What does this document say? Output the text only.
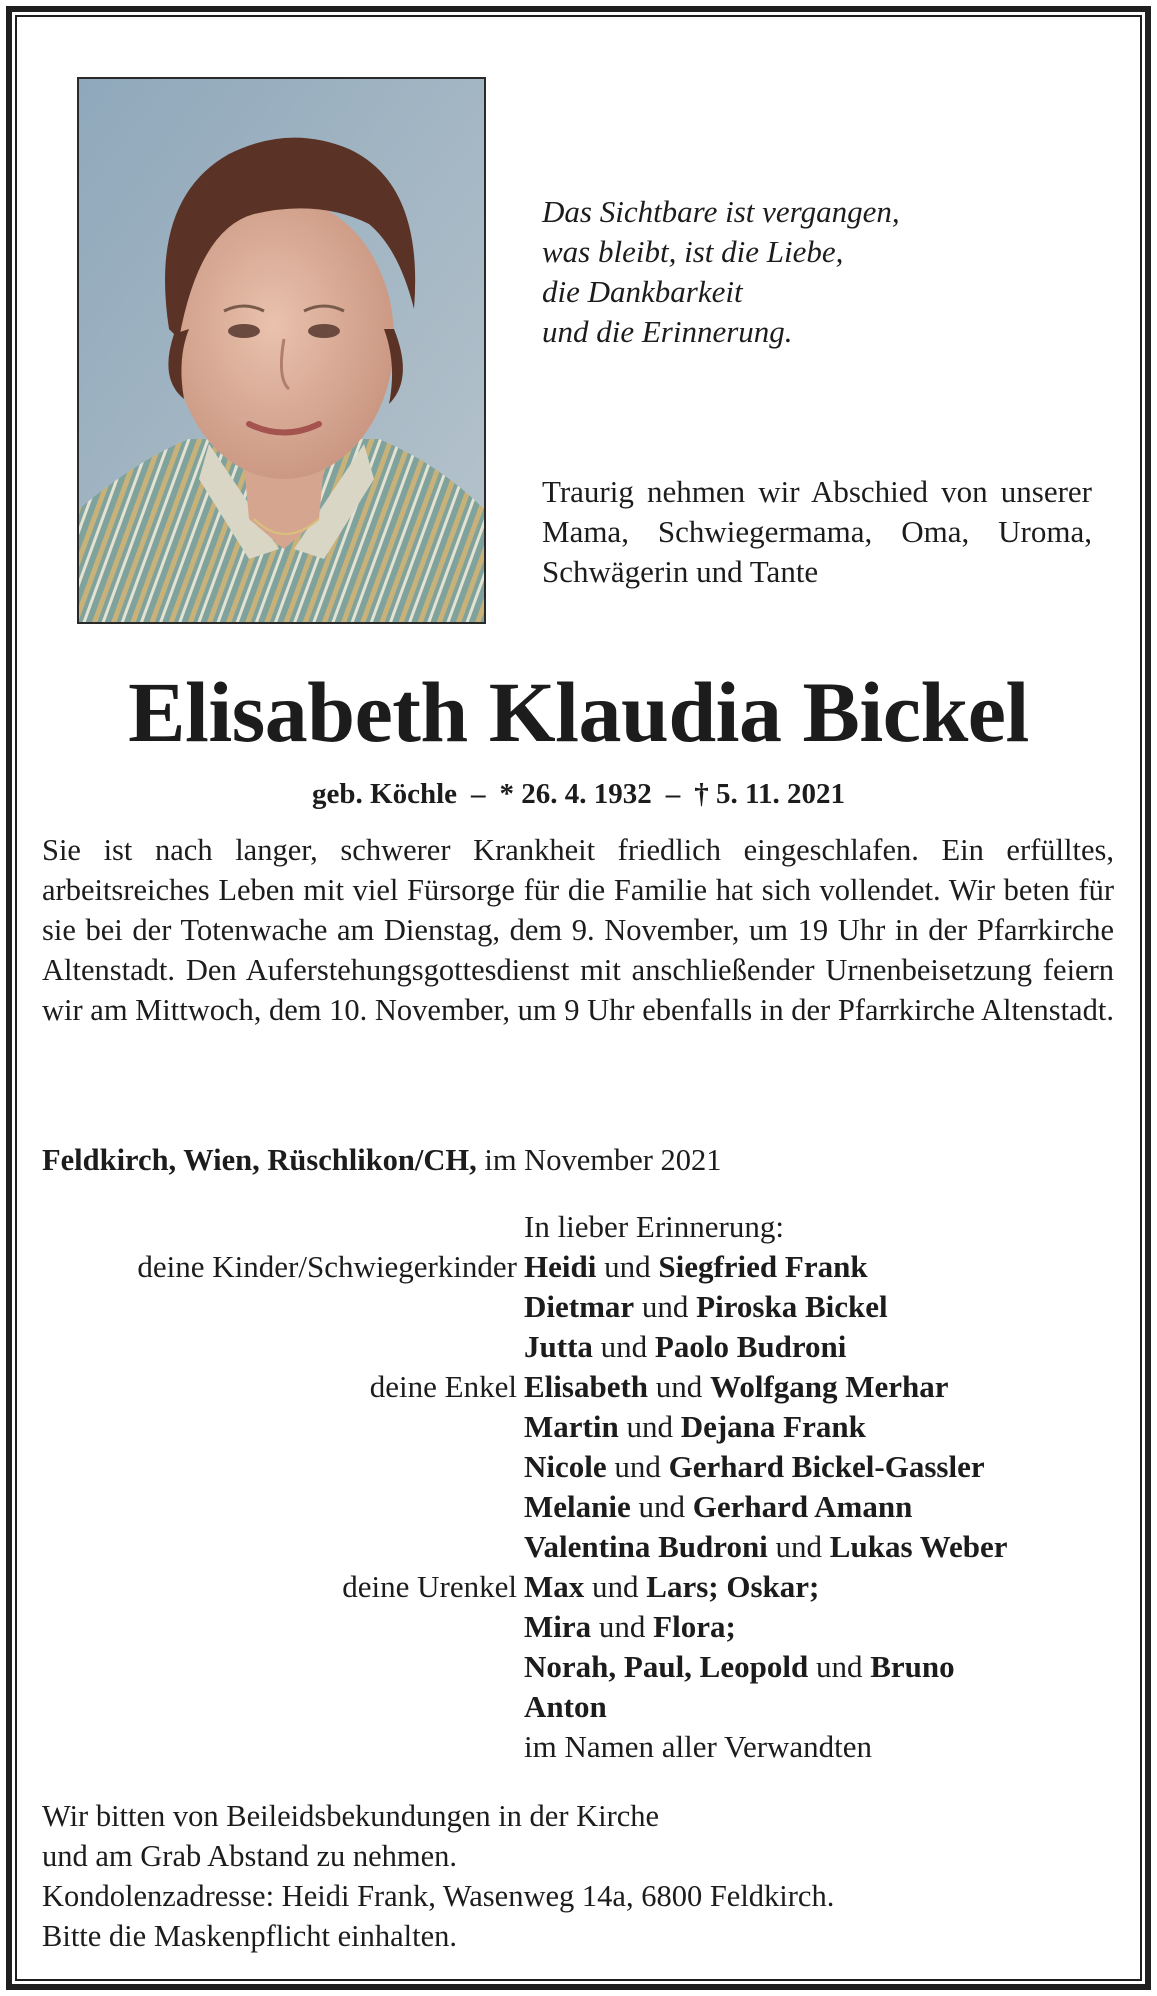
Das Sichtbare ist vergangen,
was bleibt, ist die Liebe,
die Dankbarkeit
und die Erinnerung.
Traurig nehmen wir Abschied von unserer Mama, Schwiegermama, Oma, Uroma, Schwägerin und Tante
Elisabeth Klaudia Bickel
geb. Köchle – * 26. 4. 1932 – † 5. 11. 2021
Sie ist nach langer, schwerer Krankheit friedlich eingeschlafen. Ein erfülltes, arbeitsreiches Leben mit viel Fürsorge für die Familie hat sich vollendet. Wir beten für sie bei der Totenwache am Dienstag, dem 9. November, um 19 Uhr in der Pfarrkirche Altenstadt. Den Auferstehungsgottesdienst mit anschließender Urnenbeisetzung feiern wir am Mittwoch, dem 10. November, um 9 Uhr ebenfalls in der Pfarrkirche Altenstadt.
Feldkirch, Wien, Rüschlikon/CH, im November 2021
In lieber Erinnerung:
deine Kinder/Schwiegerkinder Heidi und Siegfried Frank
Dietmar und Piroska Bickel
Jutta und Paolo Budroni
deine Enkel Elisabeth und Wolfgang Merhar
Martin und Dejana Frank
Nicole und Gerhard Bickel-Gassler
Melanie und Gerhard Amann
Valentina Budroni und Lukas Weber
deine Urenkel Max und Lars; Oskar;
Mira und Flora;
Norah, Paul, Leopold und Bruno
Anton
im Namen aller Verwandten
Wir bitten von Beileidsbekundungen in der Kirche
und am Grab Abstand zu nehmen.
Kondolenzadresse: Heidi Frank, Wasenweg 14a, 6800 Feldkirch.
Bitte die Maskenpflicht einhalten.
